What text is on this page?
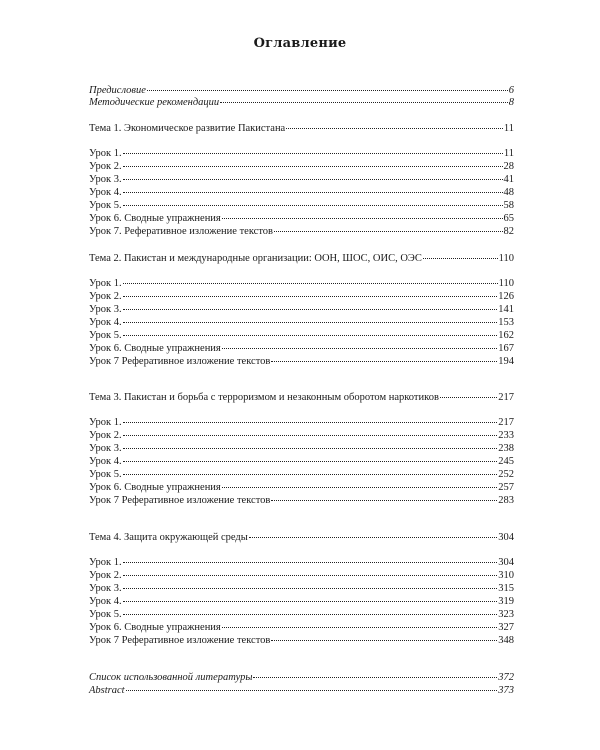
Оглавление
Предисловие	6
Методические рекомендации	8
Тема 1. Экономическое развитие Пакистана	11
Урок 1.	11
Урок 2.	28
Урок 3.	41
Урок 4.	48
Урок 5.	58
Урок 6. Сводные упражнения	65
Урок 7. Реферативное изложение текстов	82
Тема 2. Пакистан и международные организации: ООН, ШОС, ОИС, ОЭС	110
Урок 1.	110
Урок 2.	126
Урок 3.	141
Урок 4.	153
Урок 5.	162
Урок 6. Сводные упражнения	167
Урок 7 Реферативное изложение текстов	194
Тема 3. Пакистан и борьба с терроризмом и незаконным оборотом наркотиков	217
Урок 1.	217
Урок 2.	233
Урок 3.	238
Урок 4.	245
Урок 5.	252
Урок 6. Сводные упражнения	257
Урок 7 Реферативное изложение текстов	283
Тема 4. Защита окружающей среды	304
Урок 1.	304
Урок 2.	310
Урок 3.	315
Урок 4.	319
Урок 5.	323
Урок 6. Сводные упражнения	327
Урок 7 Реферативное изложение текстов	348
Список использованной литературы	372
Abstract	373
